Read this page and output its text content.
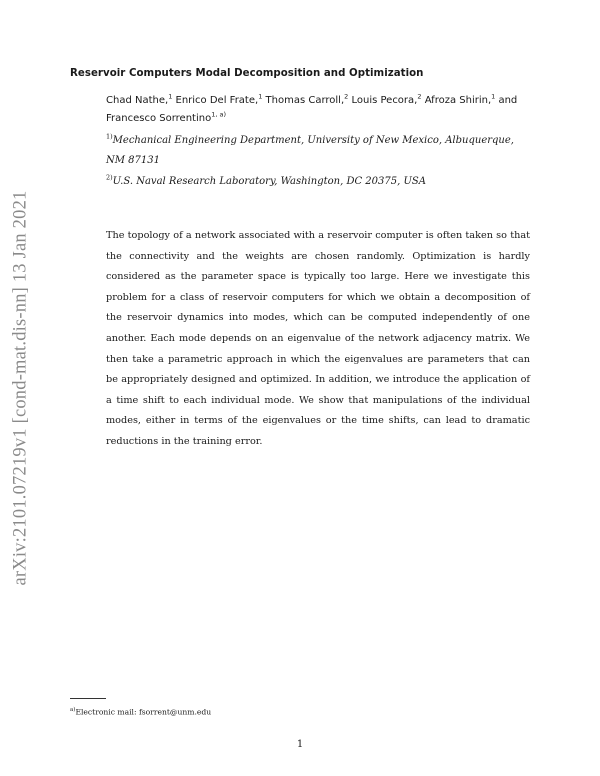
arXiv:2101.07219v1 [cond-mat.dis-nn] 13 Jan 2021
Reservoir Computers Modal Decomposition and Optimization
Chad Nathe,$^1$ Enrico Del Frate,$^1$ Thomas Carroll,$^2$ Louis Pecora,$^2$ Afroza Shirin,$^1$ and
Francesco Sorrentino$^{1, a)}$
$^{1)}$Mechanical Engineering Department, University of New Mexico, Albuquerque, NM 87131
$^{2)}$U.S. Naval Research Laboratory, Washington, DC 20375, USA

The topology of a network associated with a reservoir computer is often taken so that the connectivity and the weights are chosen randomly. Optimization is hardly considered as the parameter space is typically too large. Here we investigate this problem for a class of reservoir computers for which we obtain a decomposition of the reservoir dynamics into modes, which can be computed independently of one another. Each mode depends on an eigenvalue of the network adjacency matrix. We then take a parametric approach in which the eigenvalues are parameters that can be appropriately designed and optimized. In addition, we introduce the application of a time shift to each individual mode. We show that manipulations of the individual modes, either in terms of the eigenvalues or the time shifts, can lead to dramatic reductions in the training error.

$^{a)}$Electronic mail: fsorrent@unm.edu
1
